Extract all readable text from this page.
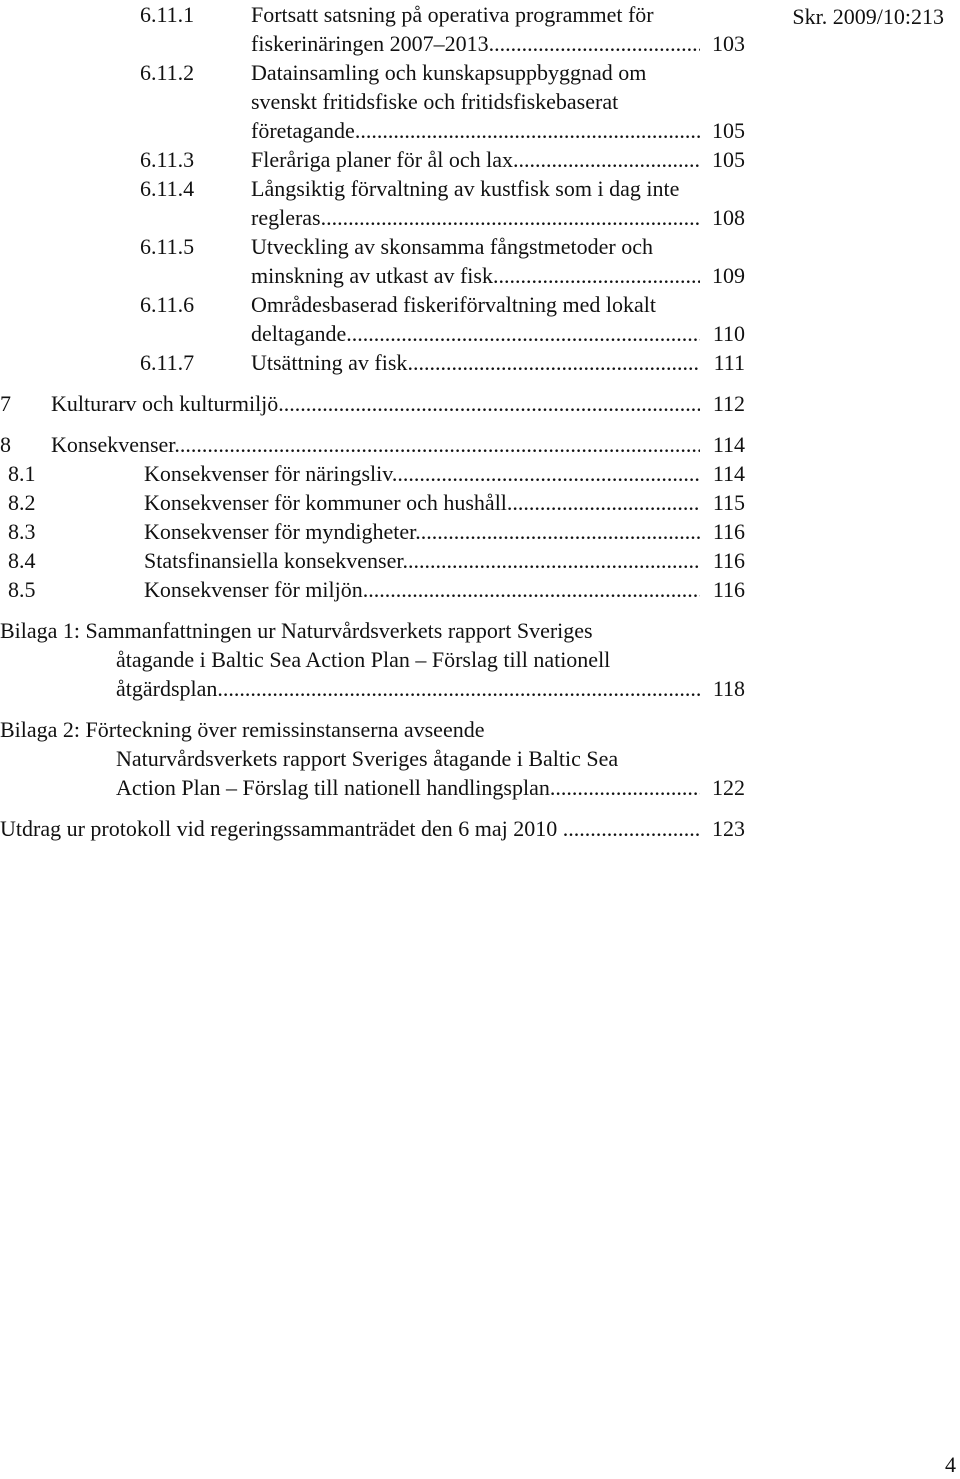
Skr. 2009/10:213
6.11.1	Fortsatt satsning på operativa programmet för
fiskerinäringen 2007–2013 .....	103
6.11.2	Datainsamling och kunskapsuppbyggnad om
svenskt fritidsfiske och fritidsfiskebaserat
företagande .....	105
6.11.3	Fleråriga planer för ål och lax .....	105
6.11.4	Långsiktig förvaltning av kustfisk som i dag inte
regleras .....	108
6.11.5	Utveckling av skonsamma fångstmetoder och
minskning av utkast av fisk .....	109
6.11.6	Områdesbaserad fiskeriförvaltning med lokalt
deltagande .....	110
6.11.7	Utsättning av fisk .....	111
7 Kulturarv och kulturmiljö .....	112
8 Konsekvenser .....	114
8.1	Konsekvenser för näringsliv .....	114
8.2	Konsekvenser för kommuner och hushåll .....	115
8.3	Konsekvenser för myndigheter .....	116
8.4	Statsfinansiella konsekvenser .....	116
8.5	Konsekvenser för miljön .....	116
Bilaga 1: Sammanfattningen ur Naturvårdsverkets rapport Sveriges
åtagande i Baltic Sea Action Plan – Förslag till nationell
åtgärdsplan .....	118
Bilaga 2: Förteckning över remissinstanserna avseende
Naturvårdsverkets rapport Sveriges åtagande i Baltic Sea
Action Plan – Förslag till nationell handlingsplan .....	122
Utdrag ur protokoll vid regeringssammanträdet den 6 maj 2010 .....	123
4
